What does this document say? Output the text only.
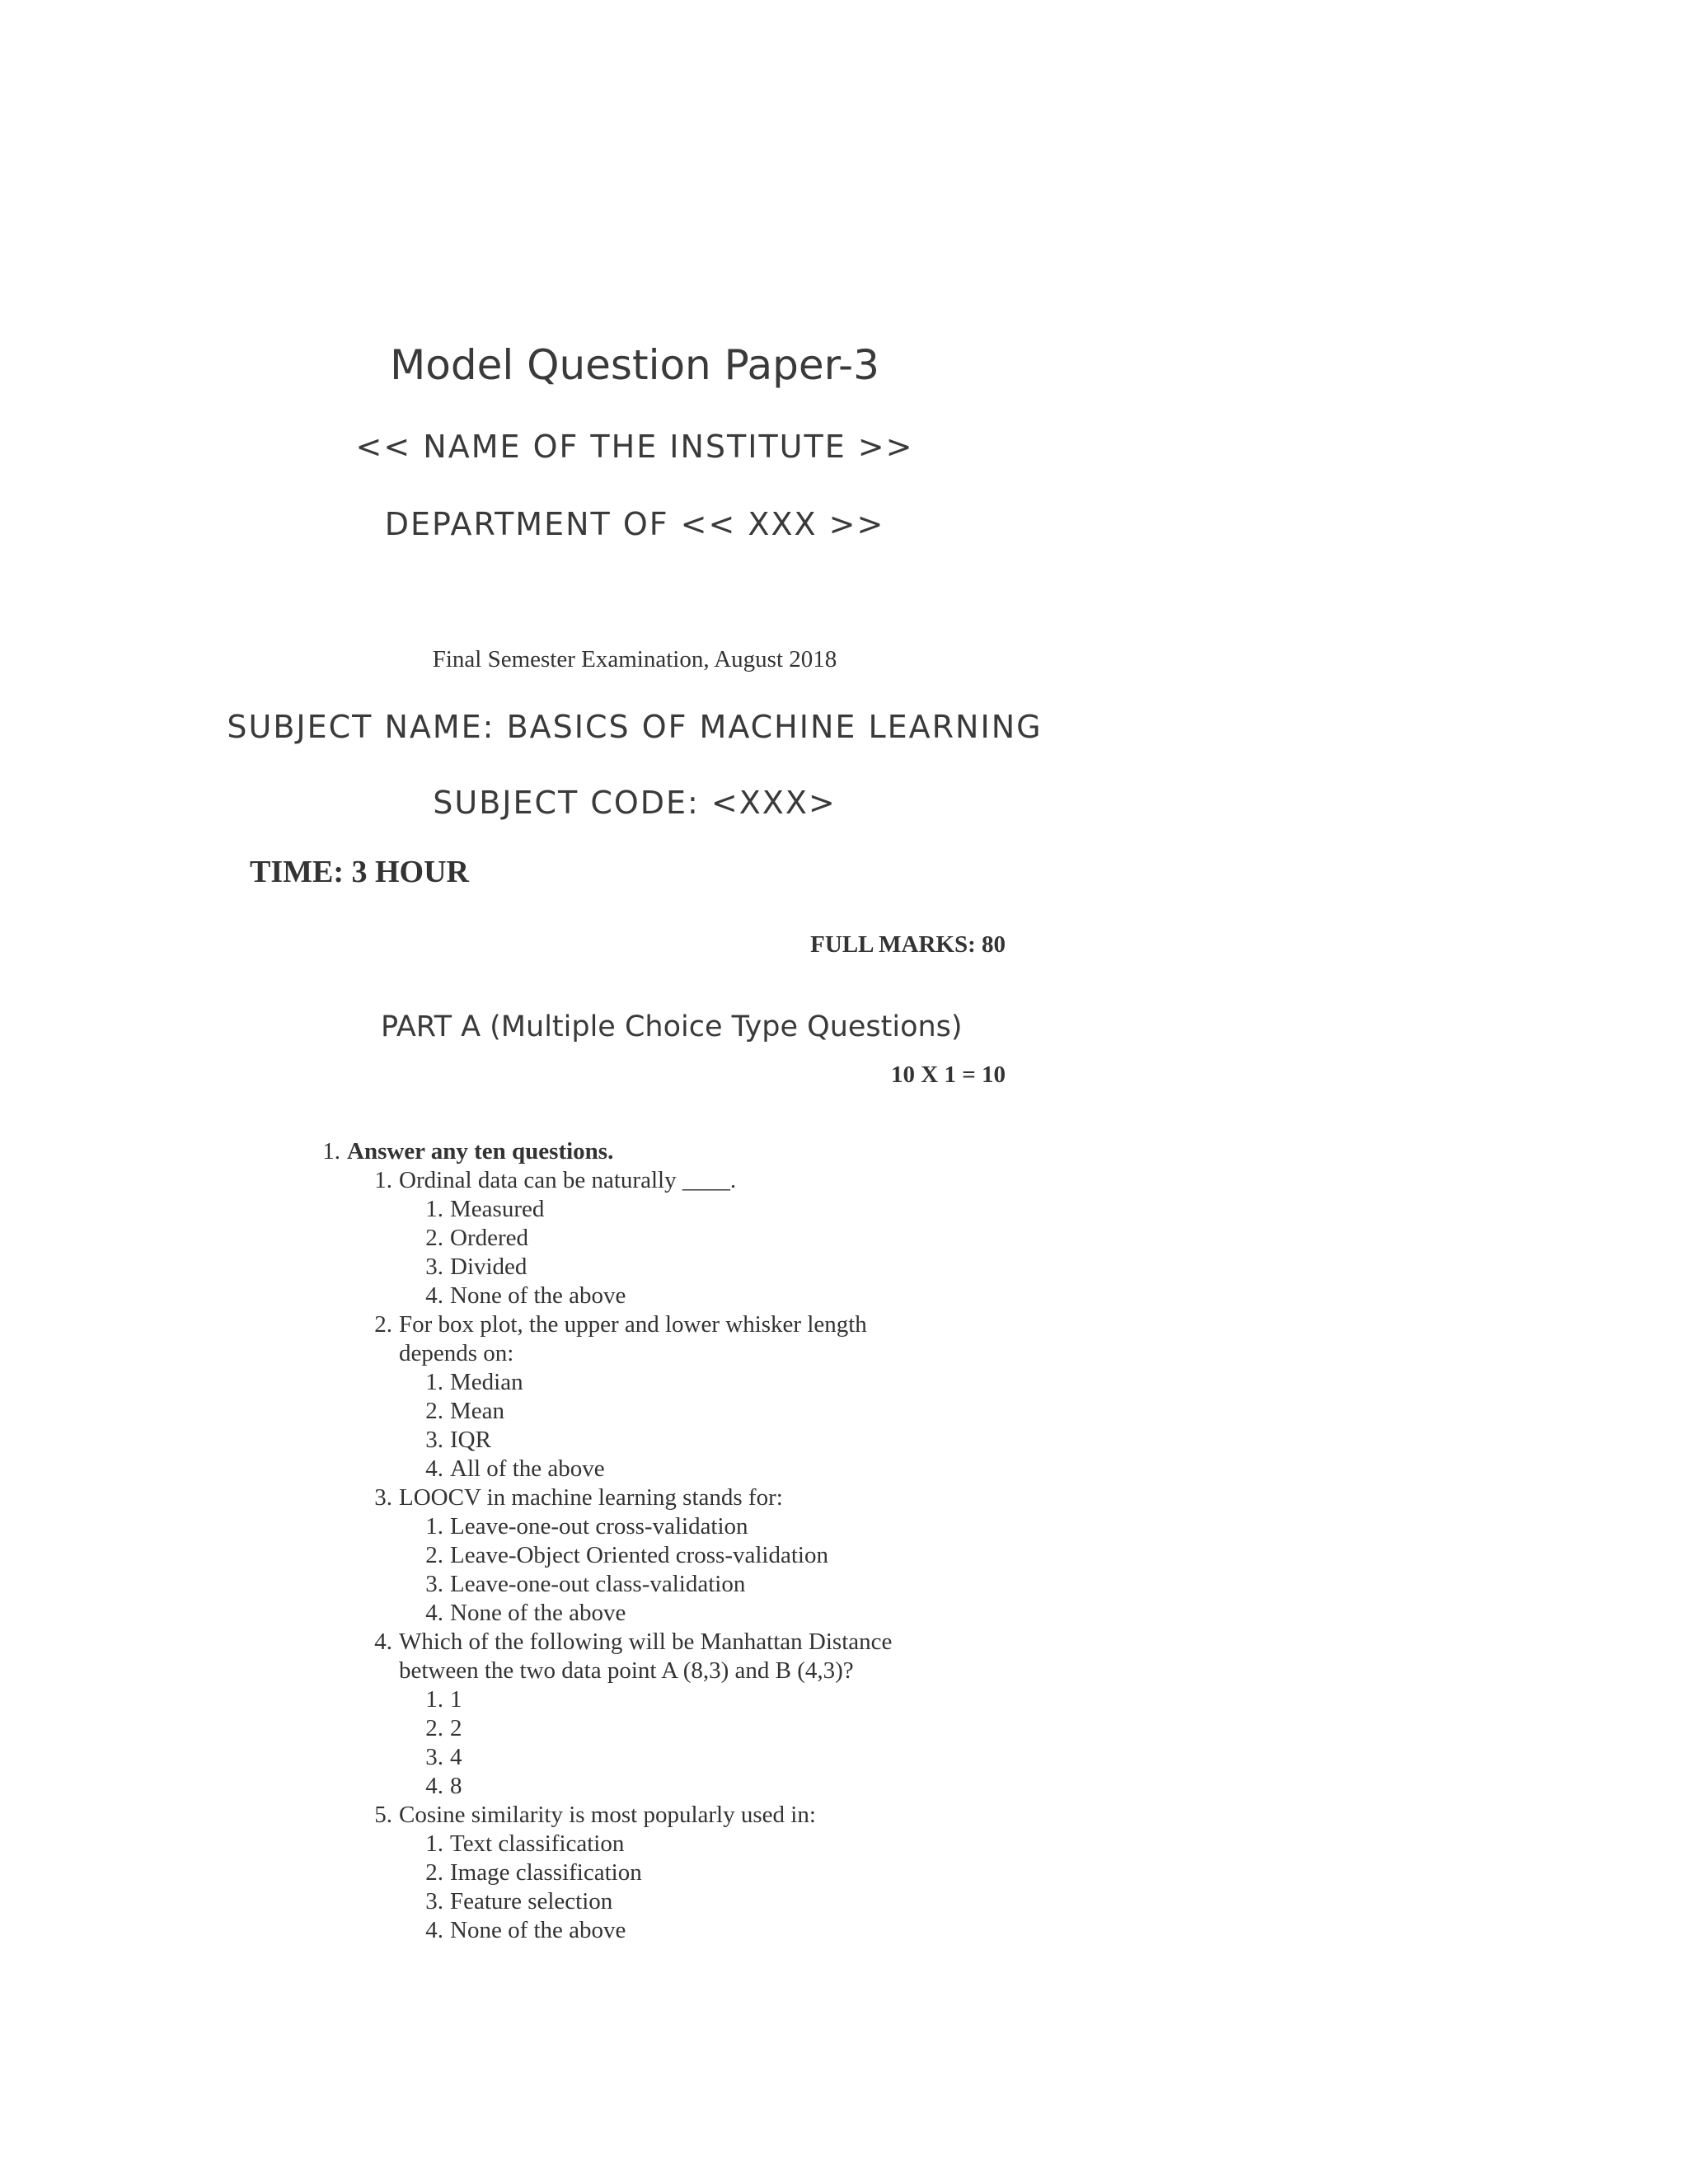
Model Question Paper-3
<< NAME OF THE INSTITUTE >>
DEPARTMENT OF << XXX >>
Final Semester Examination, August 2018
SUBJECT NAME: BASICS OF MACHINE LEARNING
SUBJECT CODE: <XXX>
TIME: 3 HOUR
FULL MARKS: 80
PART A (Multiple Choice Type Questions)
10 X 1 = 10
1. Answer any ten questions.
1. Ordinal data can be naturally ____.
1. Measured
2. Ordered
3. Divided
4. None of the above
2. For box plot, the upper and lower whisker length depends on:
1. Median
2. Mean
3. IQR
4. All of the above
3. LOOCV in machine learning stands for:
1. Leave-one-out cross-validation
2. Leave-Object Oriented cross-validation
3. Leave-one-out class-validation
4. None of the above
4. Which of the following will be Manhattan Distance between the two data point A (8,3) and B (4,3)?
1. 1
2. 2
3. 4
4. 8
5. Cosine similarity is most popularly used in:
1. Text classification
2. Image classification
3. Feature selection
4. None of the above
